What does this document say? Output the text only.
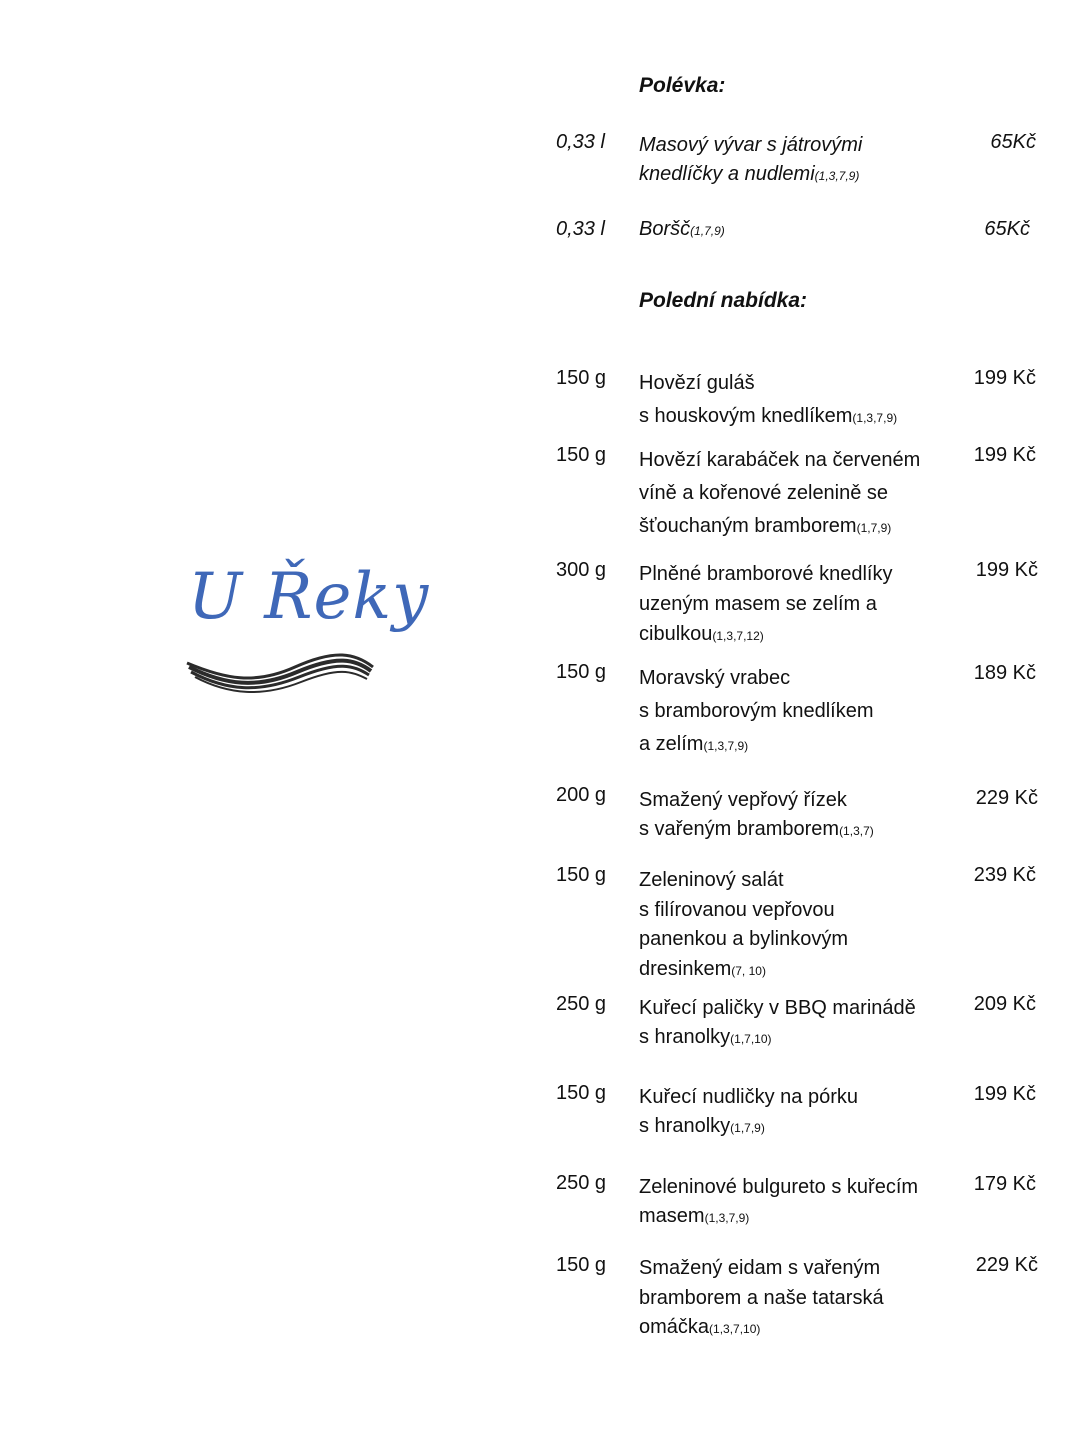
U Řeky
Polévka:
0,33 l Masový vývar s játrovými
knedlíčky a nudlemi(1,3,7,9)
65Kč
0,33 l Boršč(1,7,9)	65Kč
Polední nabídka:
150 g Hovězí guláš
s houskovým knedlíkem(1,3,7,9)
199 Kč
150 g Hovězí karabáček na červeném
víně a kořenové zelenině se
šťouchaným bramborem(1,7,9)
199 Kč
300 g Plněné bramborové knedlíky
uzeným masem se zelím a
cibulkou(1,3,7,12)
199 Kč
150 g Moravský vrabec
s bramborovým knedlíkem
a zelím(1,3,7,9)
189 Kč
200 g Smažený vepřový řízek
s vařeným bramborem(1,3,7)
229 Kč
150 g Zeleninový salát
s filírovanou vepřovou
panenkou a bylinkovým
dresinkem(7, 10)
239 Kč
250 g Kuřecí paličky v BBQ marinádě
s hranolky(1,7,10)
209 Kč
150 g Kuřecí nudličky na pórku
s hranolky(1,7,9)
199 Kč
250 g Zeleninové bulgureto s kuřecím
masem(1,3,7,9)
179 Kč
150 g Smažený eidam s vařeným
bramborem a naše tatarská
omáčka(1,3,7,10)
229 Kč
